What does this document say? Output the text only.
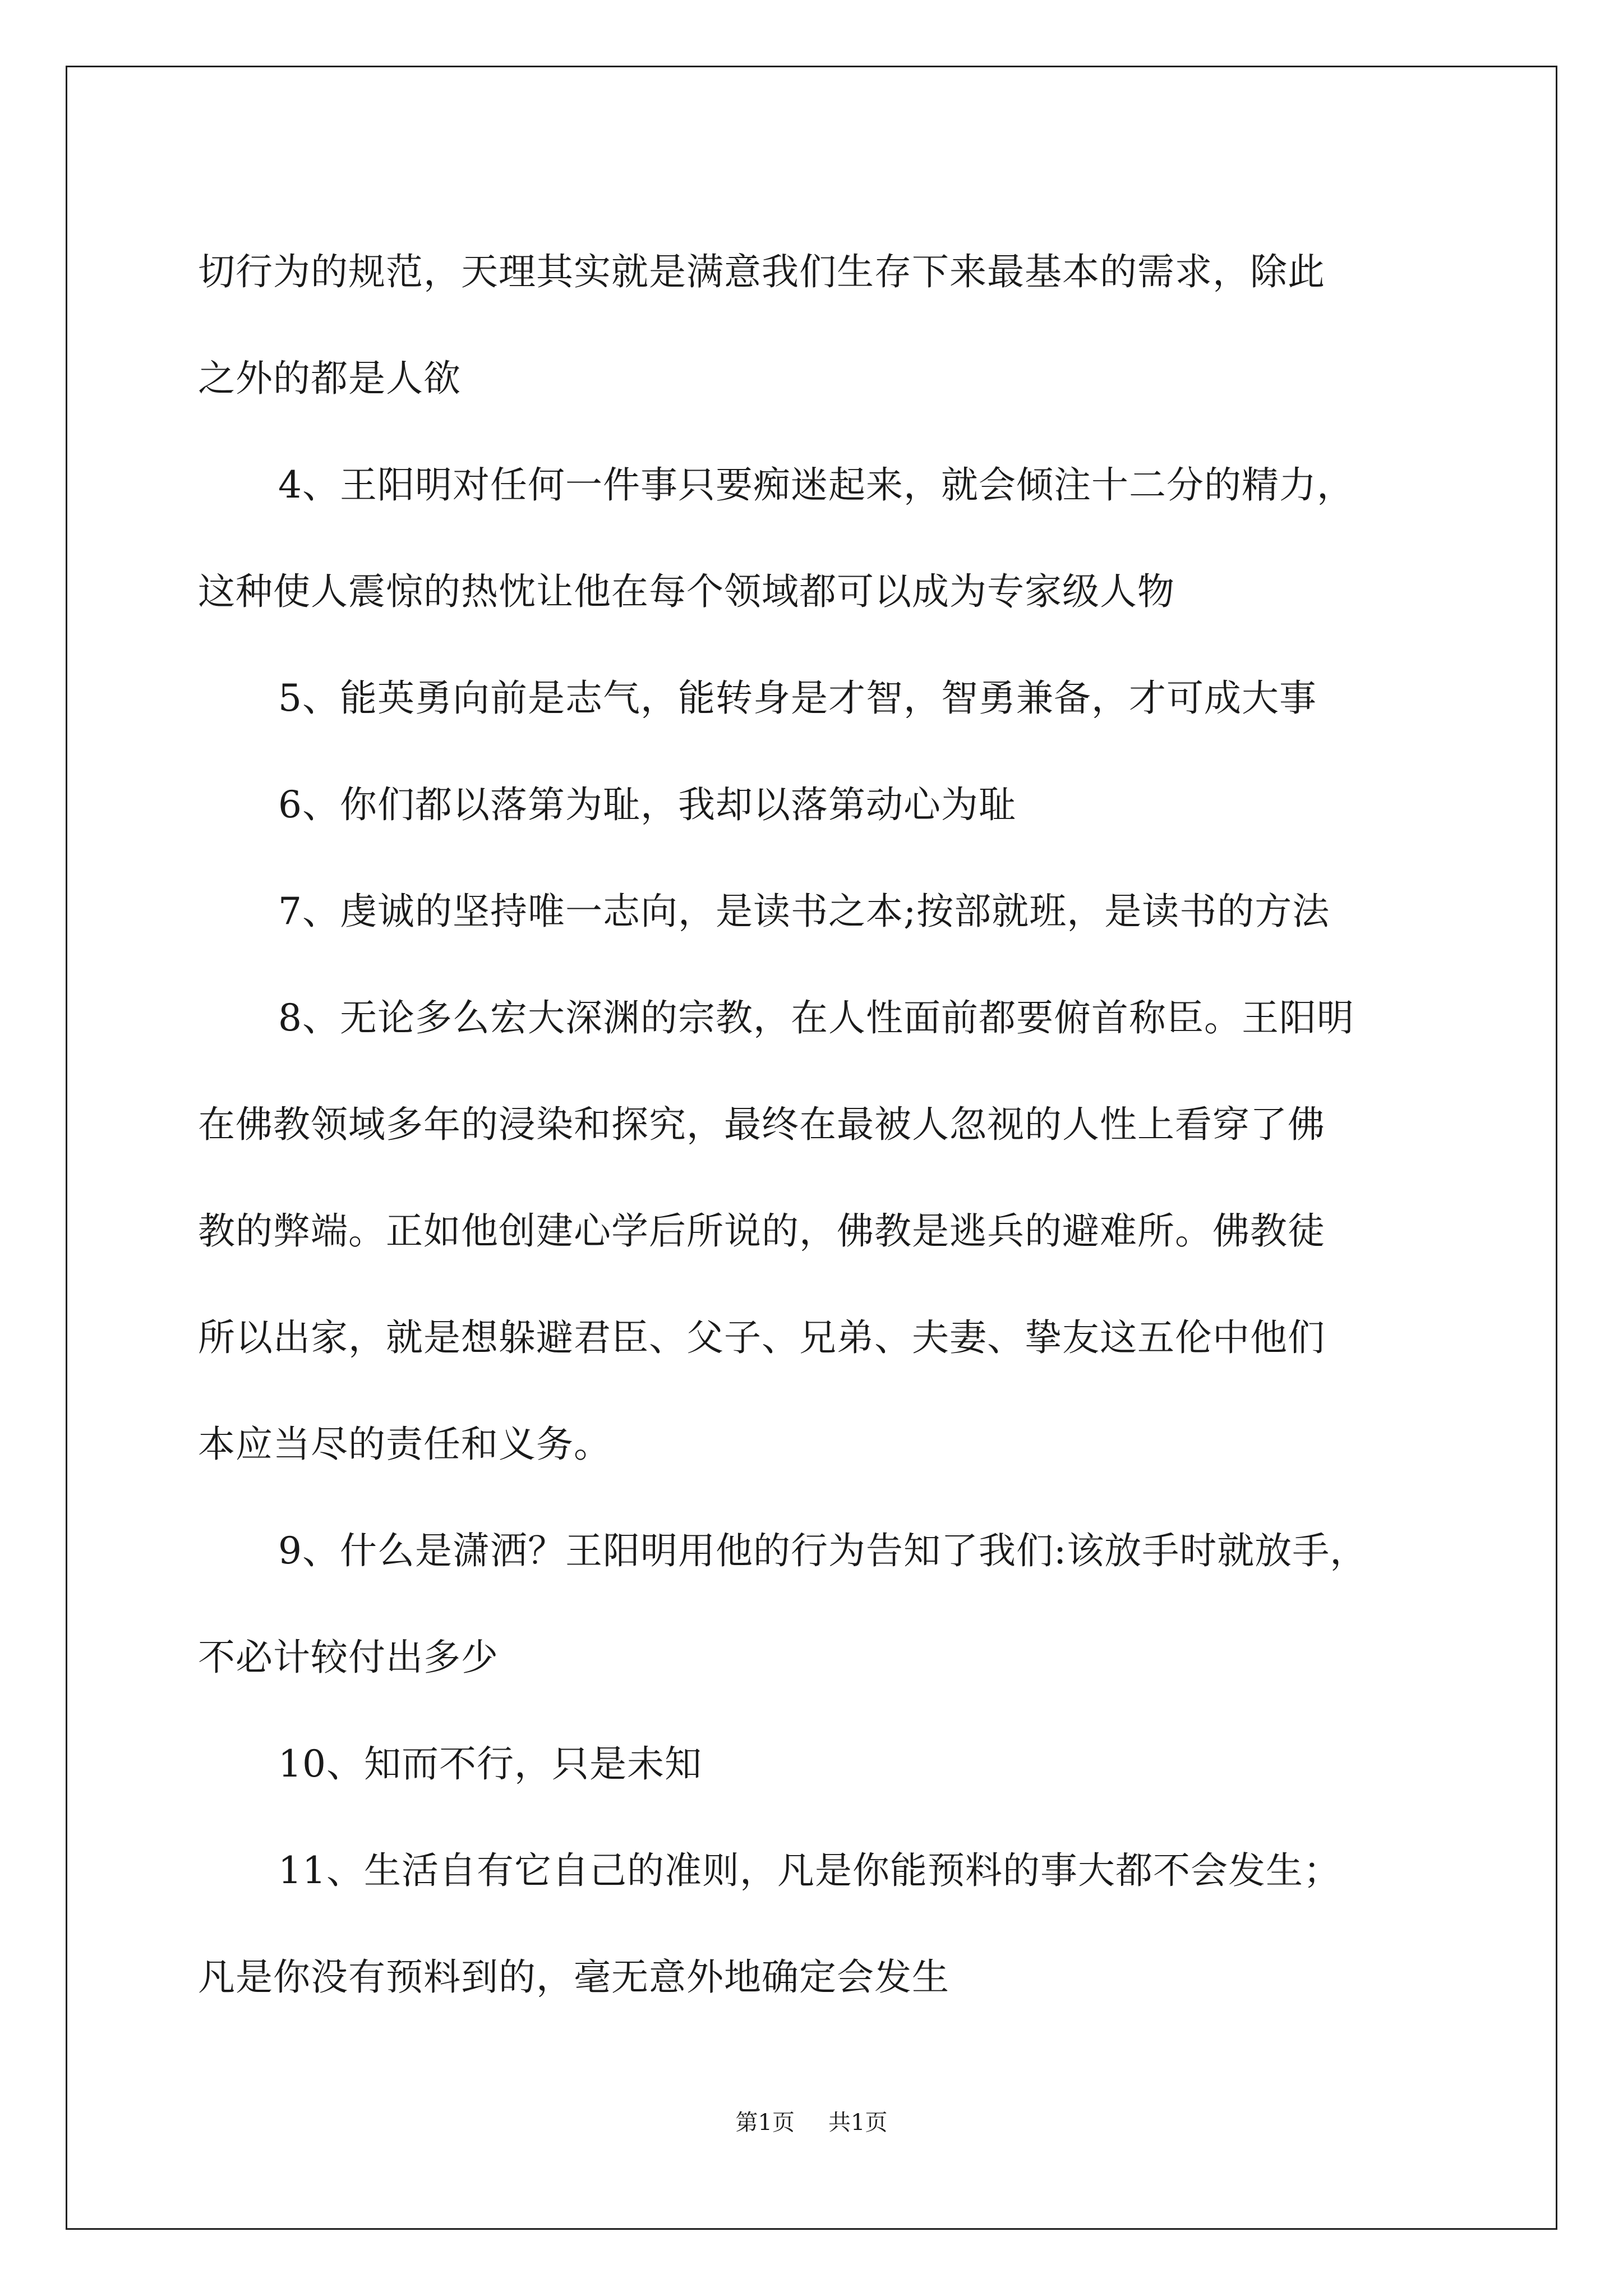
切行为的规范，天理其实就是满意我们生存下来最基本的需求，除此
之外的都是人欲
4、王阳明对任何一件事只要痴迷起来，就会倾注十二分的精力，
这种使人震惊的热忱让他在每个领域都可以成为专家级人物
5、能英勇向前是志气，能转身是才智，智勇兼备，才可成大事
6、你们都以落第为耻，我却以落第动心为耻
7、虔诚的坚持唯一志向，是读书之本;按部就班，是读书的方法
8、无论多么宏大深渊的宗教，在人性面前都要俯首称臣。王阳明
在佛教领域多年的浸染和探究，最终在最被人忽视的人性上看穿了佛
教的弊端。正如他创建心学后所说的，佛教是逃兵的避难所。佛教徒
所以出家，就是想躲避君臣、父子、兄弟、夫妻、挚友这五伦中他们
本应当尽的责任和义务。
9、什么是潇洒？王阳明用他的行为告知了我们:该放手时就放手，
不必计较付出多少
10、知而不行，只是未知
11、生活自有它自己的准则，凡是你能预料的事大都不会发生；
凡是你没有预料到的，毫无意外地确定会发生
第1页 共1页
